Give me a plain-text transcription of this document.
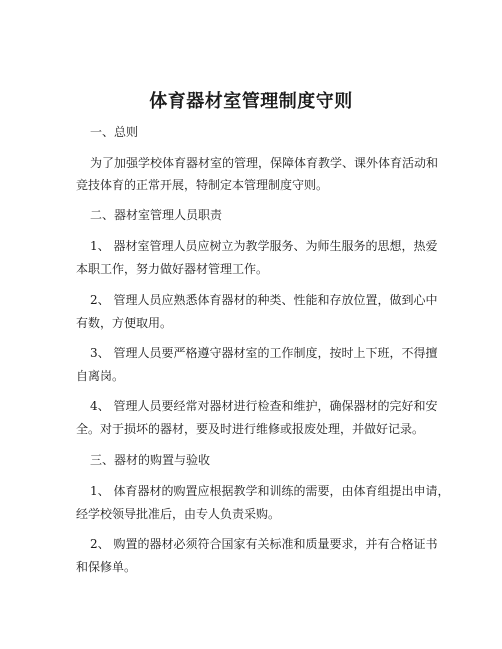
体育器材室管理制度守则

一、总则

为了加强学校体育器材室的管理，保障体育教学、课外体育活动和

竞技体育的正常开展，特制定本管理制度守则。

二、器材室管理人员职责

1、 器材室管理人员应树立为教学服务、为师生服务的思想，热爱

本职工作，努力做好器材管理工作。

2、 管理人员应熟悉体育器材的种类、性能和存放位置，做到心中

有数，方便取用。

3、 管理人员要严格遵守器材室的工作制度，按时上下班，不得擅

自离岗。

4、 管理人员要经常对器材进行检查和维护，确保器材的完好和安

全。对于损坏的器材，要及时进行维修或报废处理，并做好记录。

三、器材的购置与验收

1、 体育器材的购置应根据教学和训练的需要，由体育组提出申请，

经学校领导批准后，由专人负责采购。

2、 购置的器材必须符合国家有关标准和质量要求，并有合格证书

和保修单。
